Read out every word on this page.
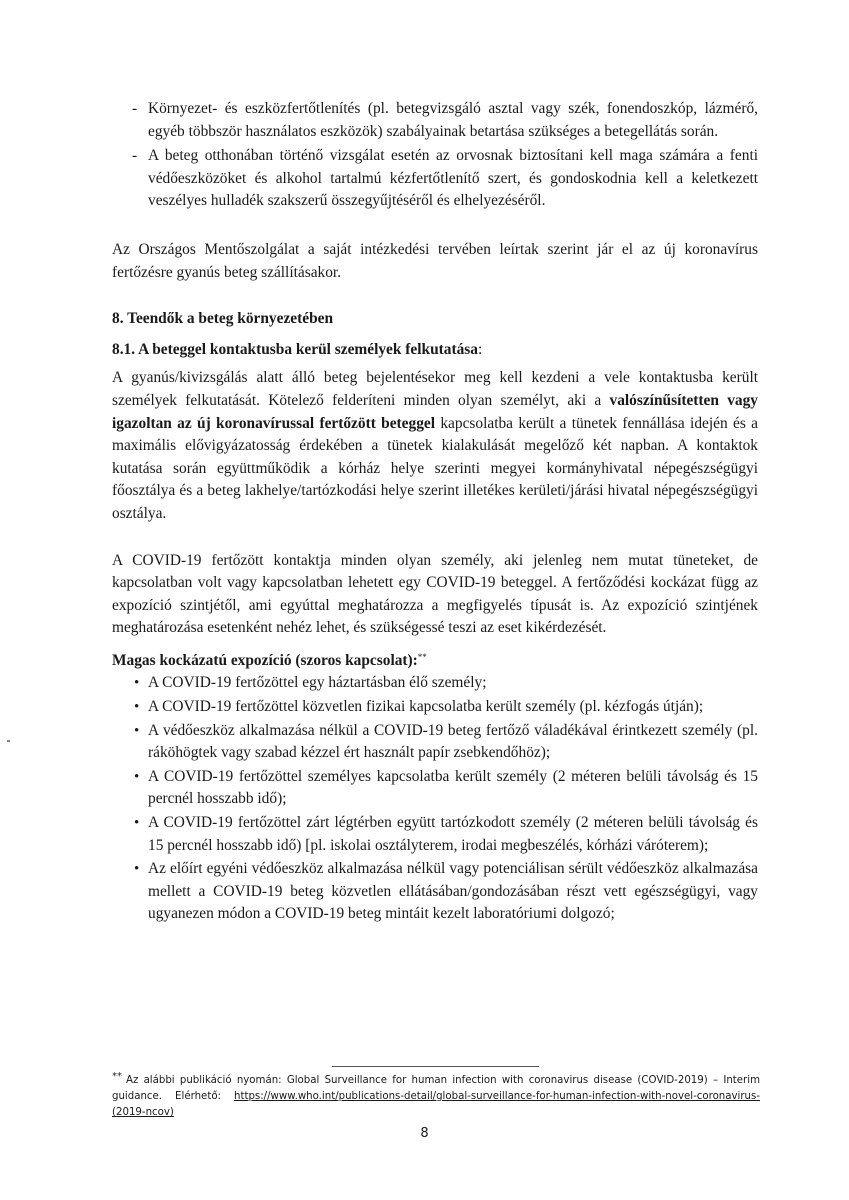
- Környezet- és eszközfertőtlenítés (pl. betegvizsgáló asztal vagy szék, fonendoszkóp, lázmérő, egyéb többször használatos eszközök) szabályainak betartása szükséges a betegellátás során.
- A beteg otthonában történő vizsgálat esetén az orvosnak biztosítani kell maga számára a fenti védőeszközöket és alkohol tartalmú kézfertőtlenítő szert, és gondoskodnia kell a keletkezett veszélyes hulladék szakszerű összegyűjtéséről és elhelyezéséről.

Az Országos Mentőszolgálat a saját intézkedési tervében leírtak szerint jár el az új koronavírus fertőzésre gyanús beteg szállításakor.

8. Teendők a beteg környezetében

8.1. A beteggel kontaktusba kerül személyek felkutatása:

A gyanús/kivizsgálás alatt álló beteg bejelentésekor meg kell kezdeni a vele kontaktusba került személyek felkutatását. Kötelező felderíteni minden olyan személyt, aki a valószínűsítetten vagy igazoltan az új koronavírussal fertőzött beteggel kapcsolatba került a tünetek fennállása idején és a maximális elővigyázatosság érdekében a tünetek kialakulását megelőző két napban. A kontaktok kutatása során együttműködik a kórház helye szerinti megyei kormányhivatal népegészségügyi főosztálya és a beteg lakhelye/tartózkodási helye szerint illetékes kerületi/járási hivatal népegészségügyi osztálya.

A COVID-19 fertőzött kontaktja minden olyan személy, aki jelenleg nem mutat tüneteket, de kapcsolatban volt vagy kapcsolatban lehetett egy COVID-19 beteggel. A fertőződési kockázat függ az expozíció szintjétől, ami egyúttal meghatározza a megfigyelés típusát is. Az expozíció szintjének meghatározása esetenként nehéz lehet, és szükségessé teszi az eset kikérdezését.

Magas kockázatú expozíció (szoros kapcsolat):**

• A COVID-19 fertőzöttel egy háztartásban élő személy;
• A COVID-19 fertőzöttel közvetlen fizikai kapcsolatba került személy (pl. kézfogás útján);
• A védőeszköz alkalmazása nélkül a COVID-19 beteg fertőző váladékával érintkezett személy (pl. ráköhögtek vagy szabad kézzel ért használt papír zsebkendőhöz);
• A COVID-19 fertőzöttel személyes kapcsolatba került személy (2 méteren belüli távolság és 15 percnél hosszabb idő);
• A COVID-19 fertőzöttel zárt légtérben együtt tartózkodott személy (2 méteren belüli távolság és 15 percnél hosszabb idő) [pl. iskolai osztályterem, irodai megbeszélés, kórházi váróterem);
• Az előírt egyéni védőeszköz alkalmazása nélkül vagy potenciálisan sérült védőeszköz alkalmazása mellett a COVID-19 beteg közvetlen ellátásában/gondozásában részt vett egészségügyi, vagy ugyanezen módon a COVID-19 beteg mintáit kezelt laboratóriumi dolgozó;
** Az alábbi publikáció nyomán: Global Surveillance for human infection with coronavirus disease (COVID-2019) – Interim guidance. Elérhető: https://www.who.int/publications-detail/global-surveillance-for-human-infection-with-novel-coronavirus-(2019-ncov)
8
